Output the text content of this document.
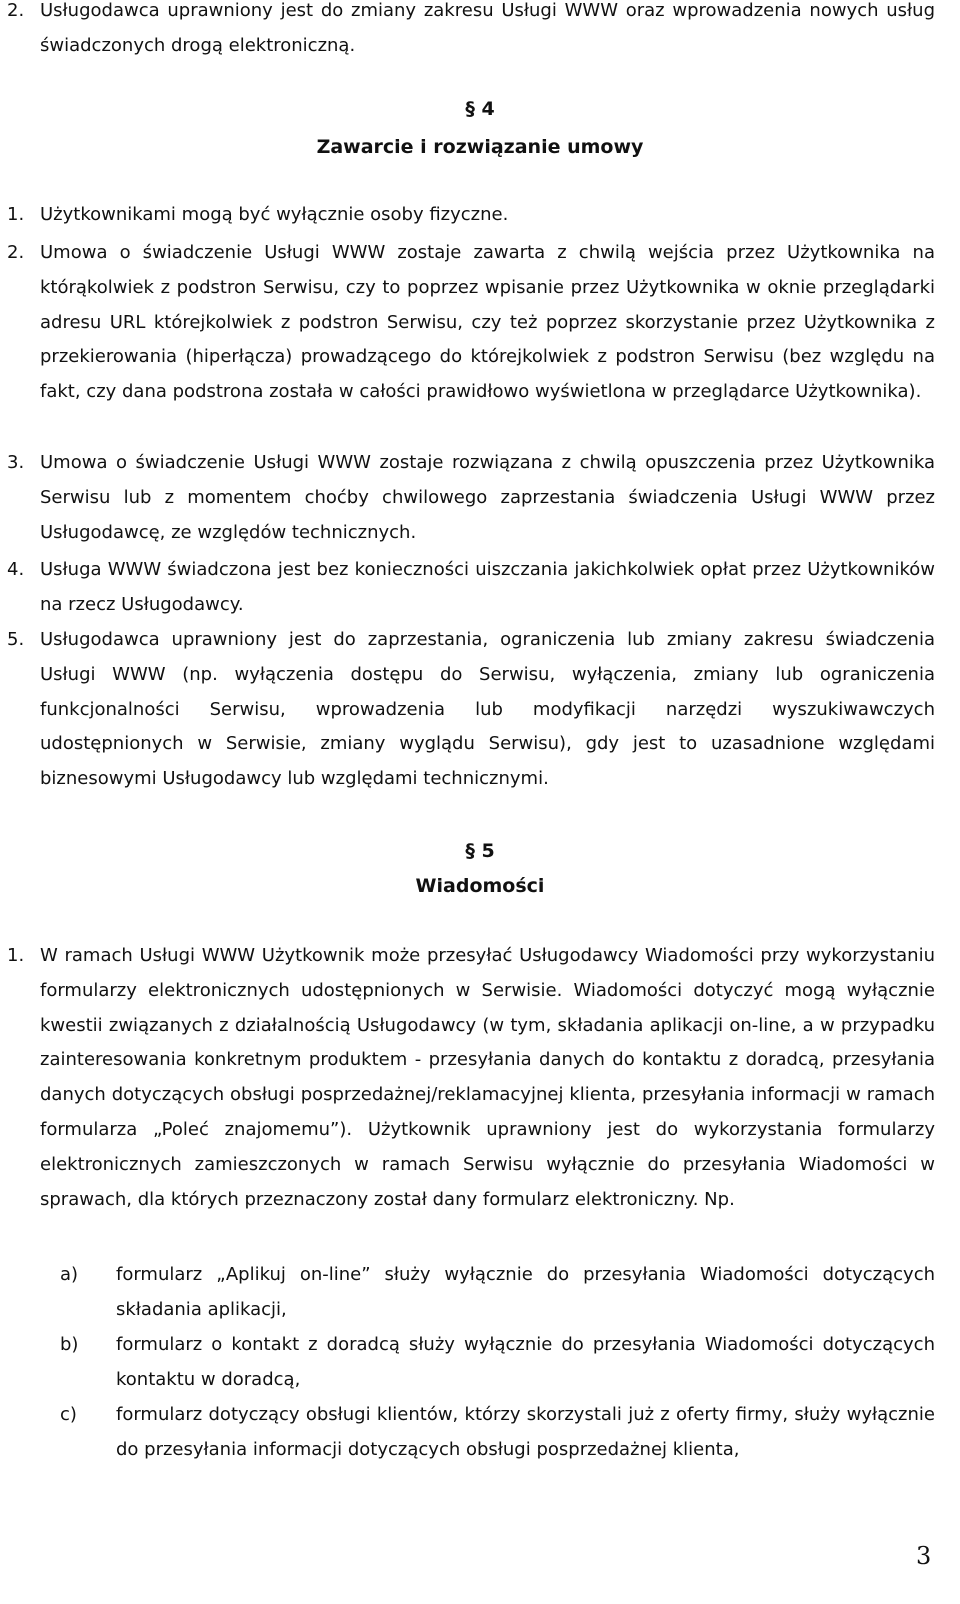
2. Usługodawca uprawniony jest do zmiany zakresu Usługi WWW oraz wprowadzenia nowych usług świadczonych drogą elektroniczną.
§ 4
Zawarcie i rozwiązanie umowy
1. Użytkownikami mogą być wyłącznie osoby fizyczne.
2. Umowa o świadczenie Usługi WWW zostaje zawarta z chwilą wejścia przez Użytkownika na którąkolwiek z podstron Serwisu, czy to poprzez wpisanie przez Użytkownika w oknie przeglądarki adresu URL którejkolwiek z podstron Serwisu, czy też poprzez skorzystanie przez Użytkownika z przekierowania (hiperłącza) prowadzącego do którejkolwiek z podstron Serwisu (bez względu na fakt, czy dana podstrona została w całości prawidłowo wyświetlona w przeglądarce Użytkownika).
3. Umowa o świadczenie Usługi WWW zostaje rozwiązana z chwilą opuszczenia przez Użytkownika Serwisu lub z momentem choćby chwilowego zaprzestania świadczenia Usługi WWW przez Usługodawcę, ze względów technicznych.
4. Usługa WWW świadczona jest bez konieczności uiszczania jakichkolwiek opłat przez Użytkowników na rzecz Usługodawcy.
5. Usługodawca uprawniony jest do zaprzestania, ograniczenia lub zmiany zakresu świadczenia Usługi WWW (np. wyłączenia dostępu do Serwisu, wyłączenia, zmiany lub ograniczenia funkcjonalności Serwisu, wprowadzenia lub modyfikacji narzędzi wyszukiwawczych udostępnionych w Serwisie, zmiany wyglądu Serwisu), gdy jest to uzasadnione względami biznesowymi Usługodawcy lub względami technicznymi.
§ 5
Wiadomości
1. W ramach Usługi WWW Użytkownik może przesyłać Usługodawcy Wiadomości przy wykorzystaniu formularzy elektronicznych udostępnionych w Serwisie. Wiadomości dotyczyć mogą wyłącznie kwestii związanych z działalnością Usługodawcy (w tym, składania aplikacji on-line, a w przypadku zainteresowania konkretnym produktem - przesyłania danych do kontaktu z doradcą, przesyłania danych dotyczących obsługi posprzedażnej/reklamacyjnej klienta, przesyłania informacji w ramach formularza „Poleć znajomemu”). Użytkownik uprawniony jest do wykorzystania formularzy elektronicznych zamieszczonych w ramach Serwisu wyłącznie do przesyłania Wiadomości w sprawach, dla których przeznaczony został dany formularz elektroniczny. Np.
a)	formularz „Aplikuj on-line” służy wyłącznie do przesyłania Wiadomości dotyczących składania aplikacji,
b)	formularz o kontakt z doradcą służy wyłącznie do przesyłania Wiadomości dotyczących kontaktu w doradcą,
c)	formularz dotyczący obsługi klientów, którzy skorzystali już z oferty firmy, służy wyłącznie do przesyłania informacji dotyczących obsługi posprzedażnej klienta,
3
